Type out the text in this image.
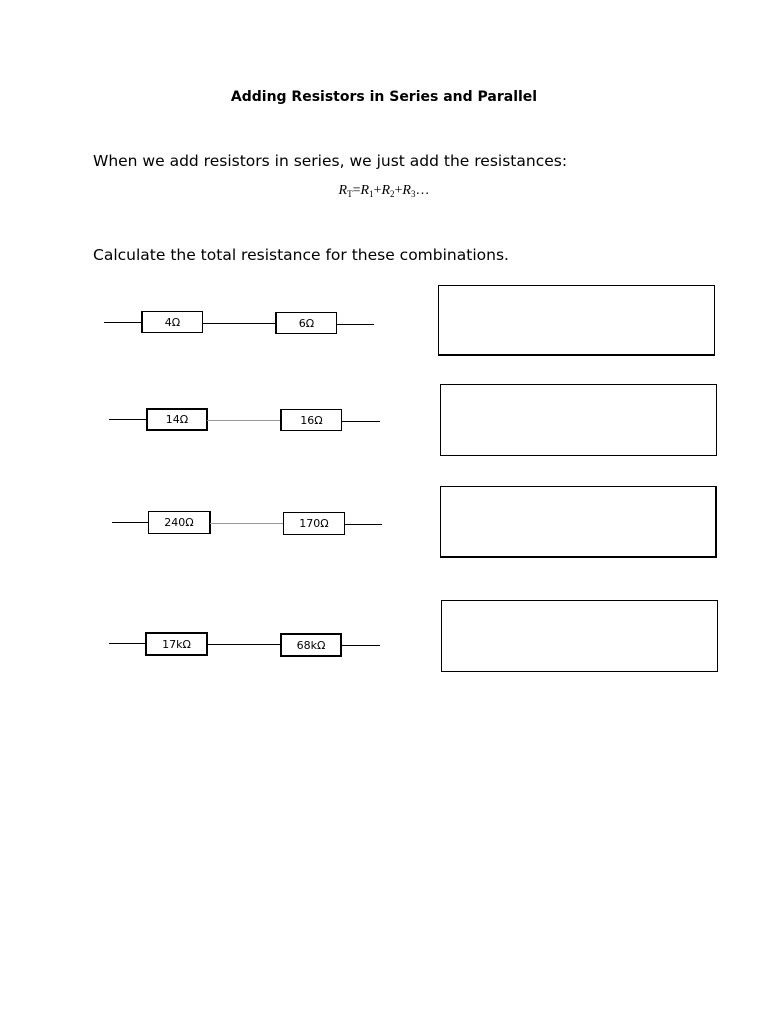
Adding Resistors in Series and Parallel
When we add resistors in series, we just add the resistances:
$R_T=R_1+R_2+R_3\dots$
Calculate the total resistance for these combinations.
4Ω	6Ω
14Ω	16Ω
240Ω	170Ω
17kΩ	68kΩ
